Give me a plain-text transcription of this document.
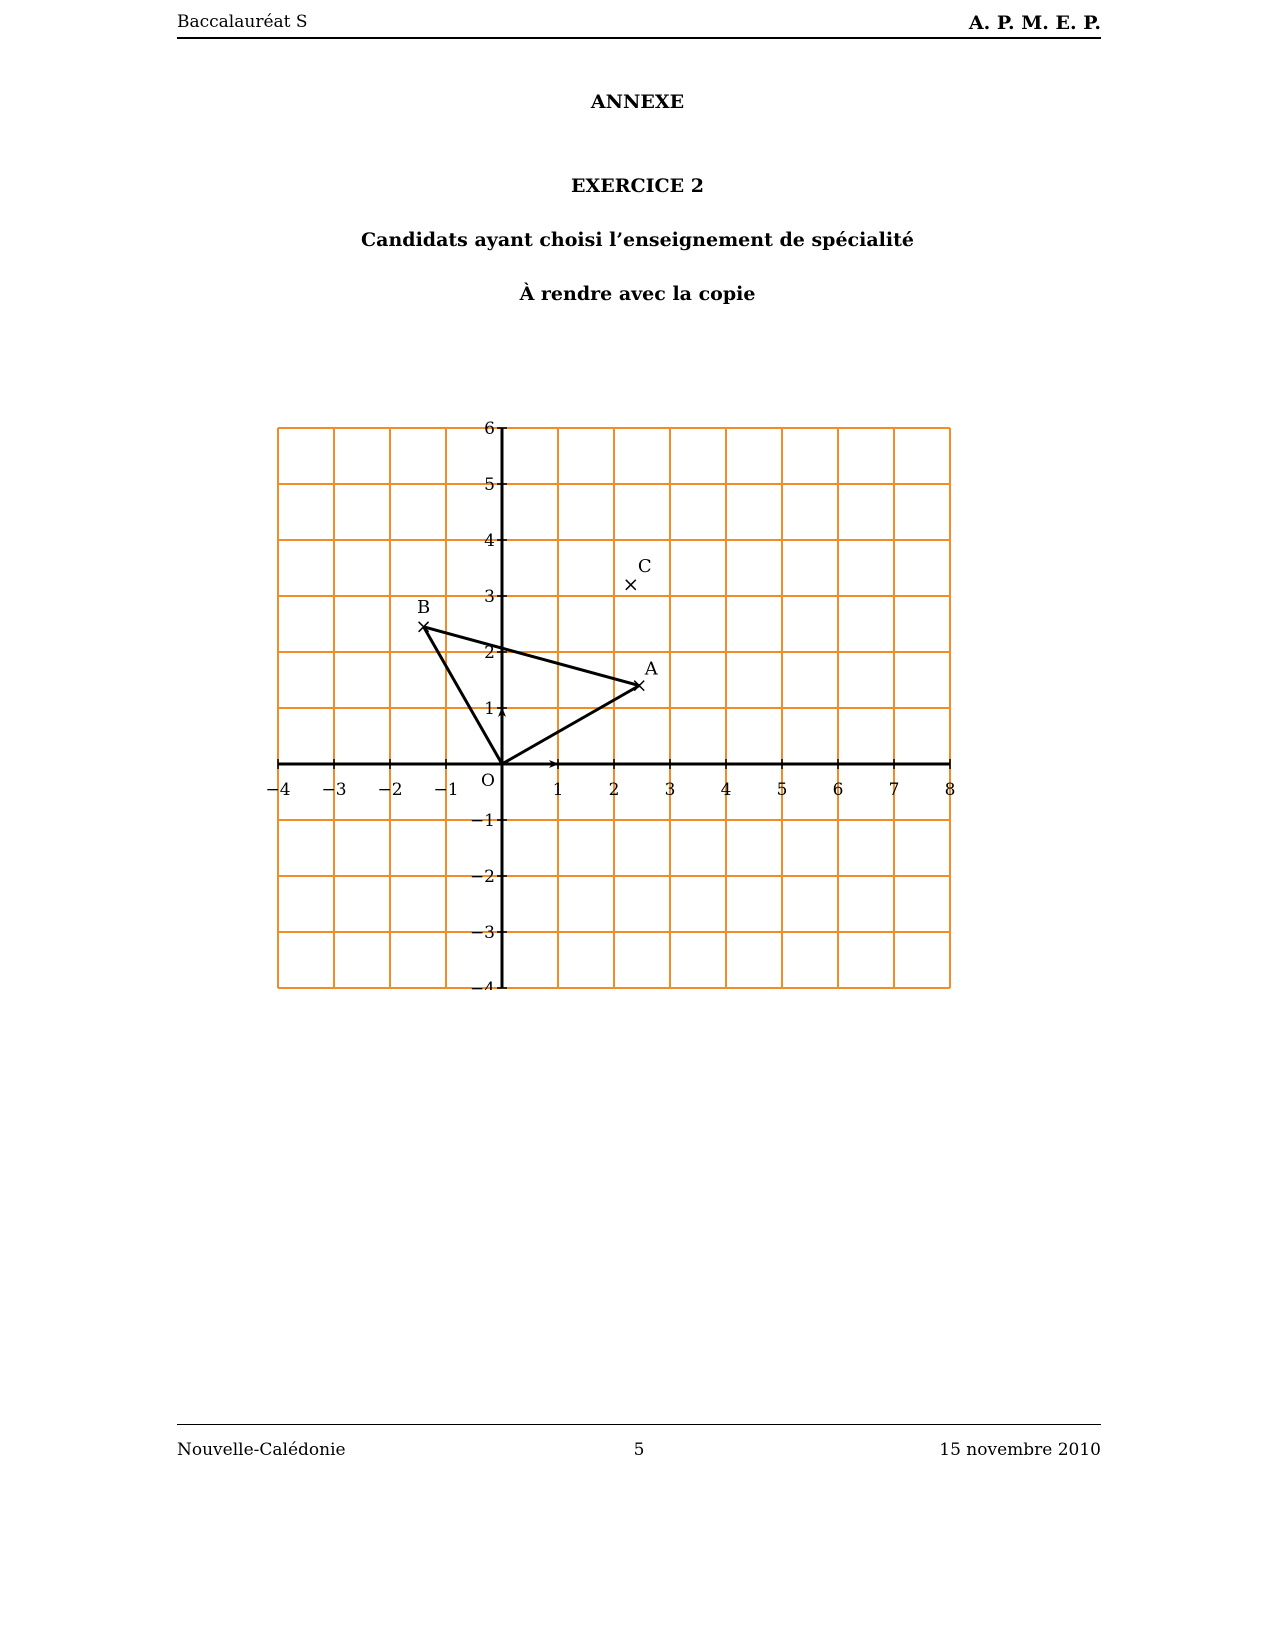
Baccalauréat S	A. P. M. E. P.
ANNEXE
EXERCICE 2
Candidats ayant choisi l’enseignement de spécialité
À rendre avec la copie
−4 −3 −2 −1	1	2	3	4	5	6	7	8
−4
−3
−2
−1
1
2
3
4
5
6
O
A
B
C
Nouvelle-Calédonie	5	15 novembre 2010
